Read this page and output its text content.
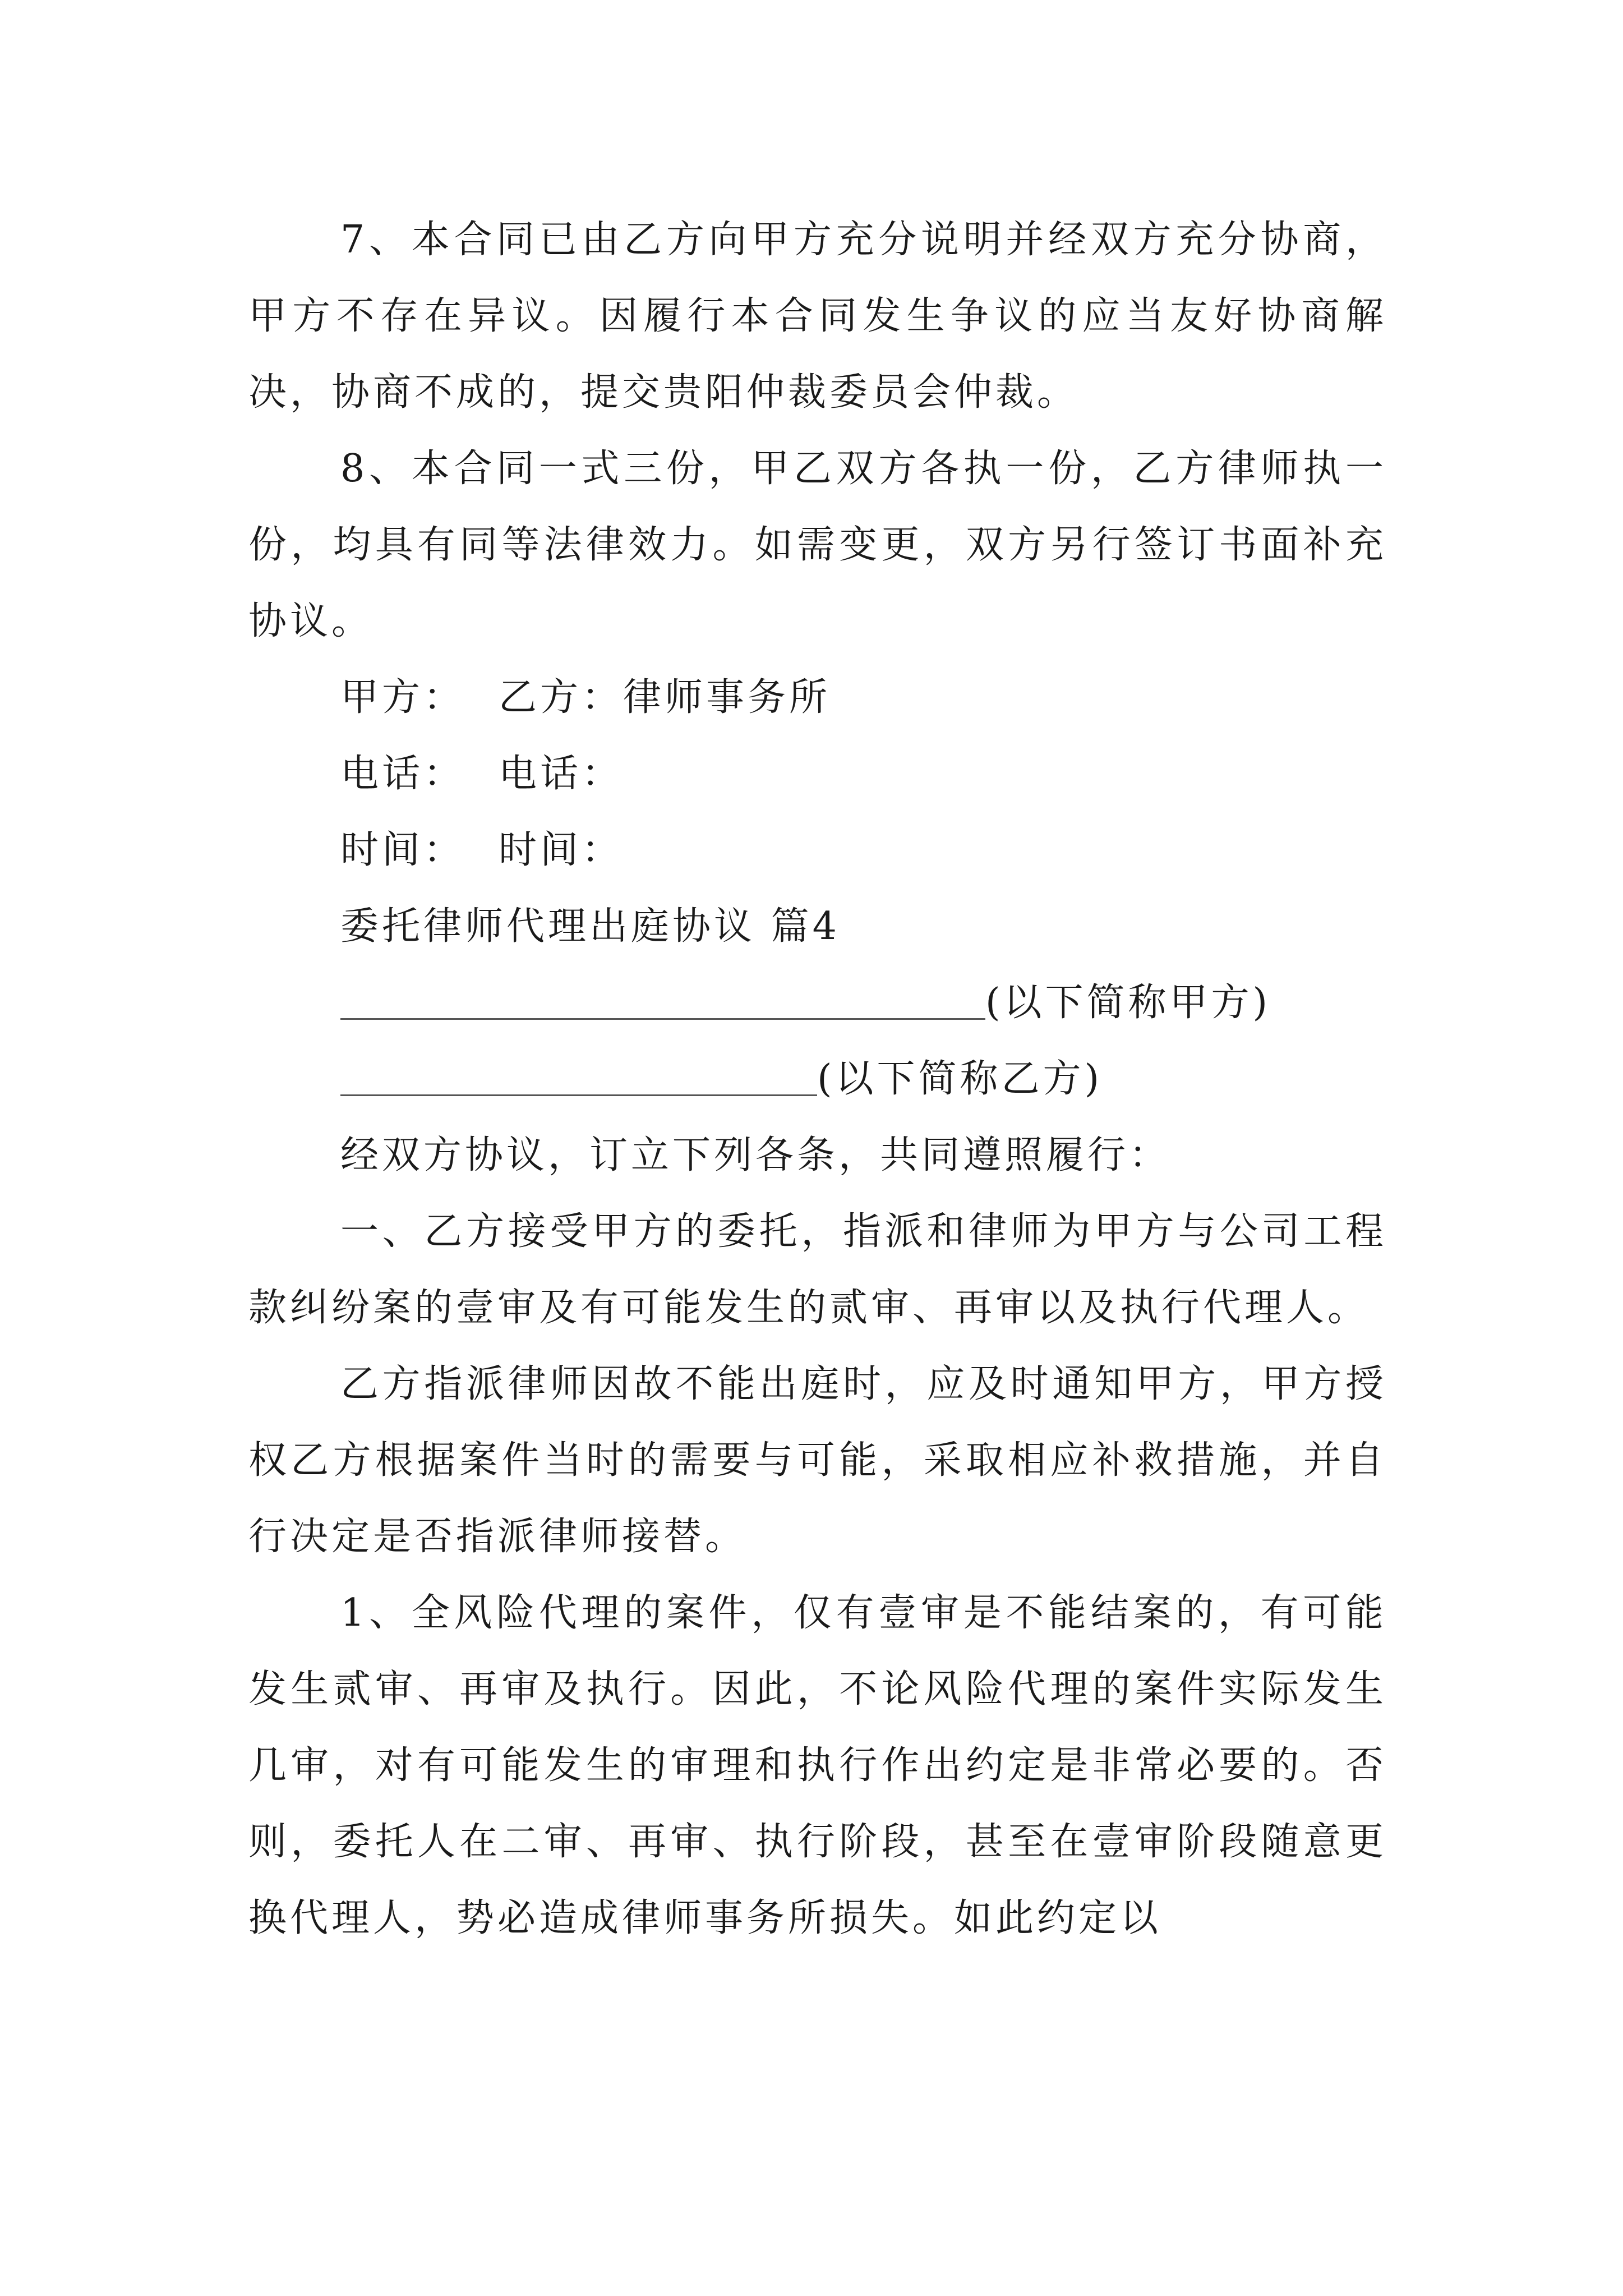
7、本合同已由乙方向甲方充分说明并经双方充分协商，甲方不存在异议。因履行本合同发生争议的应当友好协商解决，协商不成的，提交贵阳仲裁委员会仲裁。

8、本合同一式三份，甲乙双方各执一份，乙方律师执一份，均具有同等法律效力。如需变更，双方另行签订书面补充协议。

甲方： 乙方：律师事务所
电话： 电话：
时间： 时间：
委托律师代理出庭协议 篇4
(以下简称甲方)
(以下简称乙方)
经双方协议，订立下列各条，共同遵照履行：

一、乙方接受甲方的委托，指派和律师为甲方与公司工程款纠纷案的壹审及有可能发生的贰审、再审以及执行代理人。

乙方指派律师因故不能出庭时，应及时通知甲方，甲方授权乙方根据案件当时的需要与可能，采取相应补救措施，并自行决定是否指派律师接替。

1、全风险代理的案件，仅有壹审是不能结案的，有可能发生贰审、再审及执行。因此，不论风险代理的案件实际发生几审，对有可能发生的审理和执行作出约定是非常必要的。否则，委托人在二审、再审、执行阶段，甚至在壹审阶段随意更换代理人，势必造成律师事务所损失。如此约定以
